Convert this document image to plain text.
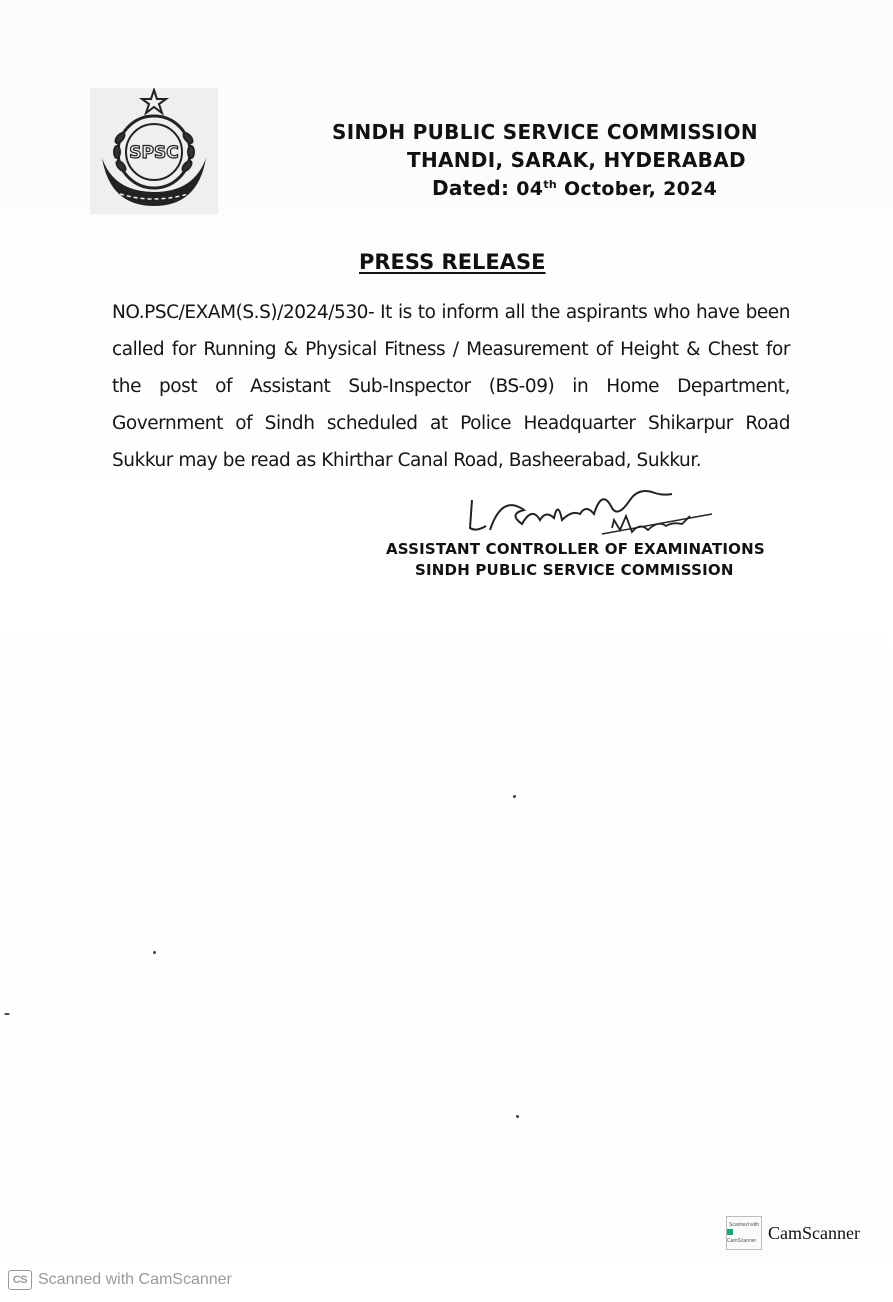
SPSC
SINDH PUBLIC SERVICE COMMISSION
THANDI, SARAK, HYDERABAD
Dated: 04th October, 2024
PRESS RELEASE
NO.PSC/EXAM(S.S)/2024/530- It is to inform all the aspirants who have been called for Running & Physical Fitness / Measurement of Height & Chest for the post of Assistant Sub-Inspector (BS-09) in Home Department, Government of Sindh scheduled at Police Headquarter Shikarpur Road Sukkur may be read as Khirthar Canal Road, Basheerabad, Sukkur.
ASSISTANT CONTROLLER OF EXAMINATIONS
SINDH PUBLIC SERVICE COMMISSION
Scanned with
CamScanner CamScanner
CS Scanned with CamScanner
